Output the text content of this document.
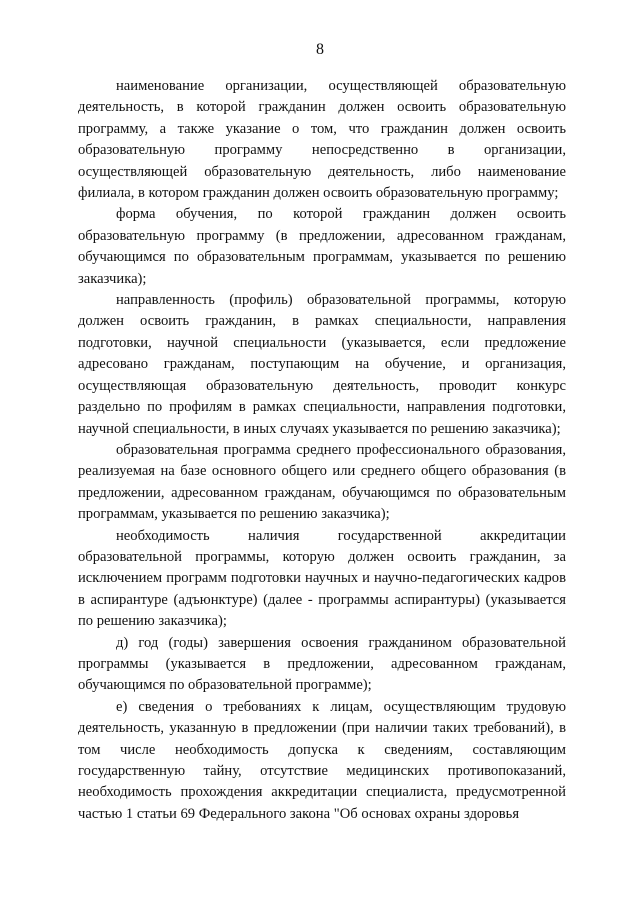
8

наименование организации, осуществляющей образовательную деятельность, в которой гражданин должен освоить образовательную программу, а также указание о том, что гражданин должен освоить образовательную программу непосредственно в организации, осуществляющей образовательную деятельность, либо наименование филиала, в котором гражданин должен освоить образовательную программу;

форма обучения, по которой гражданин должен освоить образовательную программу (в предложении, адресованном гражданам, обучающимся по образовательным программам, указывается по решению заказчика);

направленность (профиль) образовательной программы, которую должен освоить гражданин, в рамках специальности, направления подготовки, научной специальности (указывается, если предложение адресовано гражданам, поступающим на обучение, и организация, осуществляющая образовательную деятельность, проводит конкурс раздельно по профилям в рамках специальности, направления подготовки, научной специальности, в иных случаях указывается по решению заказчика);

образовательная программа среднего профессионального образования, реализуемая на базе основного общего или среднего общего образования (в предложении, адресованном гражданам, обучающимся по образовательным программам, указывается по решению заказчика);

необходимость наличия государственной аккредитации образовательной программы, которую должен освоить гражданин, за исключением программ подготовки научных и научно-педагогических кадров в аспирантуре (адъюнктуре) (далее - программы аспирантуры) (указывается по решению заказчика);

д) год (годы) завершения освоения гражданином образовательной программы (указывается в предложении, адресованном гражданам, обучающимся по образовательной программе);

е) сведения о требованиях к лицам, осуществляющим трудовую деятельность, указанную в предложении (при наличии таких требований), в том числе необходимость допуска к сведениям, составляющим государственную тайну, отсутствие медицинских противопоказаний, необходимость прохождения аккредитации специалиста, предусмотренной частью 1 статьи 69 Федерального закона "Об основах охраны здоровья
